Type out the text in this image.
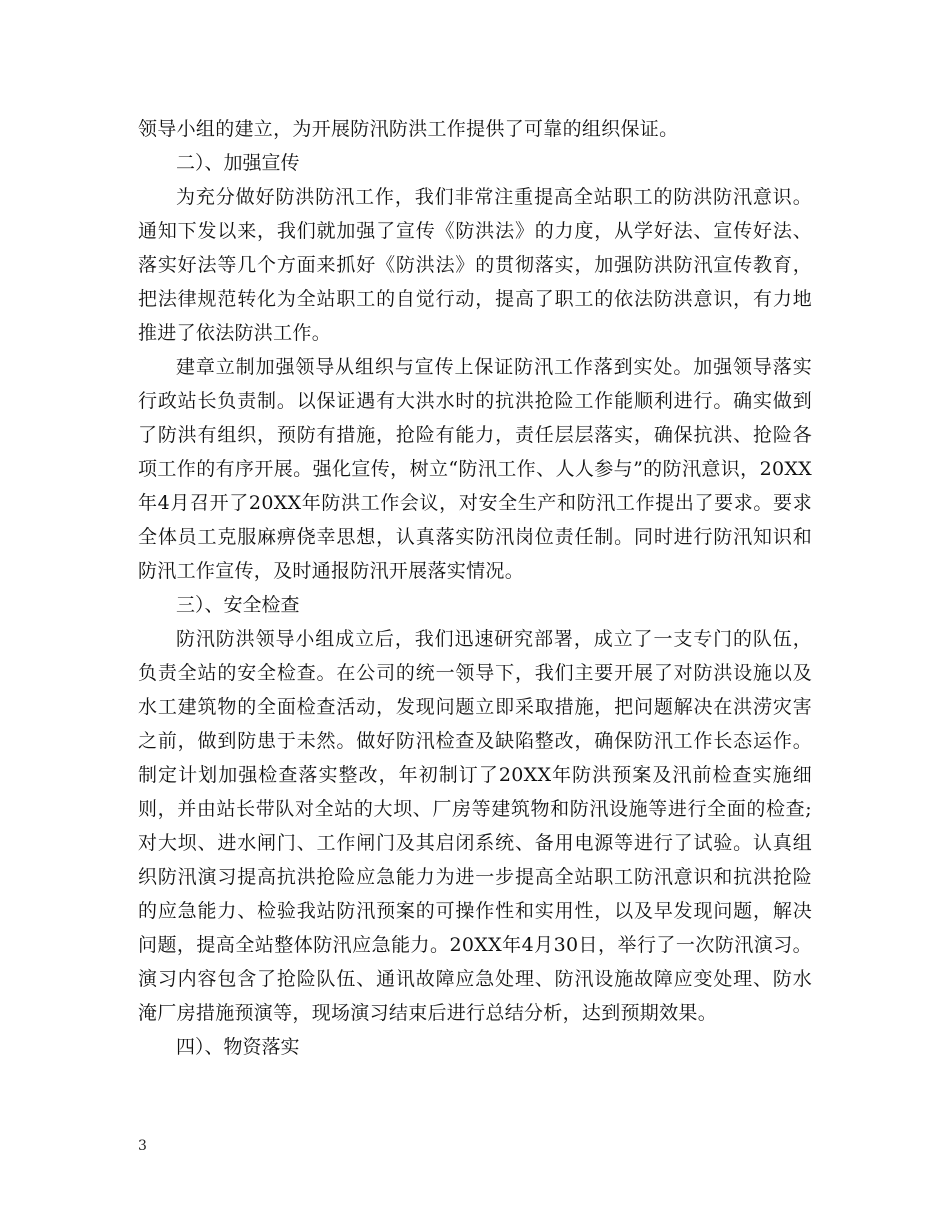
领导小组的建立，为开展防汛防洪工作提供了可靠的组织保证。

二）、加强宣传

为充分做好防洪防汛工作，我们非常注重提高全站职工的防洪防汛意识。通知下发以来，我们就加强了宣传《防洪法》的力度，从学好法、宣传好法、落实好法等几个方面来抓好《防洪法》的贯彻落实，加强防洪防汛宣传教育，把法律规范转化为全站职工的自觉行动，提高了职工的依法防洪意识，有力地推进了依法防洪工作。

建章立制加强领导从组织与宣传上保证防汛工作落到实处。加强领导落实行政站长负责制。以保证遇有大洪水时的抗洪抢险工作能顺利进行。确实做到了防洪有组织，预防有措施，抢险有能力，责任层层落实，确保抗洪、抢险各项工作的有序开展。强化宣传，树立“防汛工作、人人参与”的防汛意识，20XX年4月召开了20XX年防洪工作会议，对安全生产和防汛工作提出了要求。要求全体员工克服麻痹侥幸思想，认真落实防汛岗位责任制。同时进行防汛知识和防汛工作宣传，及时通报防汛开展落实情况。

三）、安全检查

防汛防洪领导小组成立后，我们迅速研究部署，成立了一支专门的队伍，负责全站的安全检查。在公司的统一领导下，我们主要开展了对防洪设施以及水工建筑物的全面检查活动，发现问题立即采取措施，把问题解决在洪涝灾害之前，做到防患于未然。做好防汛检查及缺陷整改，确保防汛工作长态运作。制定计划加强检查落实整改，年初制订了20XX年防洪预案及汛前检查实施细则，并由站长带队对全站的大坝、厂房等建筑物和防汛设施等进行全面的检查;对大坝、进水闸门、工作闸门及其启闭系统、备用电源等进行了试验。认真组织防汛演习提高抗洪抢险应急能力为进一步提高全站职工防汛意识和抗洪抢险的应急能力、检验我站防汛预案的可操作性和实用性，以及早发现问题，解决问题，提高全站整体防汛应急能力。20XX年4月30日，举行了一次防汛演习。演习内容包含了抢险队伍、通讯故障应急处理、防汛设施故障应变处理、防水淹厂房措施预演等，现场演习结束后进行总结分析，达到预期效果。

四）、物资落实

3
